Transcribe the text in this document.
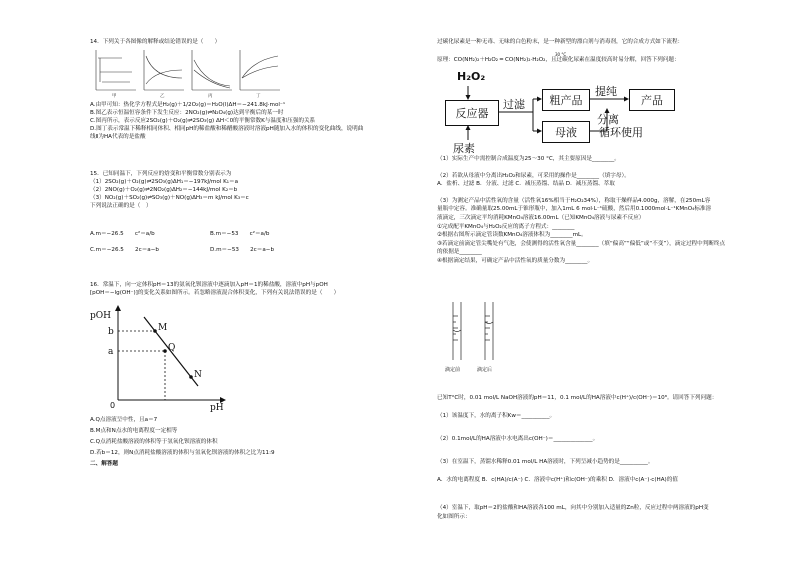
14．下列关于各图像的解释或结论错误的是（　　）
甲	乙	丙	丁
A.由甲可知：热化学方程式是H₂(g)＋1/2O₂(g)＝H₂O(l)ΔH＝−241.8kJ·mol⁻¹
B.图乙表示恒温恒容条件下发生反应：2NO₂(g)⇌N₂O₄(g)达到平衡后的某一时
C.图丙所示，表示反应2SO₂(g)＋O₂(g)⇌2SO₃(g) ΔH＜0的平衡常数K与温度和压强的关系
D.图丁表示常温下稀释相同体积、相同pH的稀盐酸和稀醋酸溶液时溶液pH随加入水的体积的变化曲线，说明曲
线Ⅱ为HA代表的是盐酸
15．已知同温下，下列反应的焓变和平衡常数分别表示为
（1）2SO₂(g)＋O₂(g)⇌2SO₃(g)ΔH₁＝−197kJ/mol K₁＝a
（2）2NO(g)＋O₂(g)⇌2NO₂(g)ΔH₂＝−144kJ/mol K₂＝b
（3）NO₂(g)＋SO₂(g)⇌SO₃(g)＋NO(g)ΔH₃＝m kJ/mol K₃＝c
下列说法正确的是（　）
A.m＝−26.5　　c²＝a/b	B.m＝−53　　c²＝a/b
C.m＝−26.5　　2c＝a−b	D.m＝−53　　2c＝a−b
16．常温下，向一定体积pH＝13的氨氧化钡溶液中逐滴加入pH＝1的稀盐酸，溶液中pH与pOH
[pOH＝−lg(OH⁻)]的变化关系如图所示。若忽略溶液混合体积变化，下列有关说法错误的是（　　）
pOH
pH
0
b
a
M
Q
N
A.Q点溶液呈中性，且a＝7
B.M点和N点水的电离程度一定相等
C.Q点消耗盐酸溶液的体积等于氢氧化钡溶液的体积
D.若b＝12，则N点消耗盐酸溶液的体积与氢氧化钡溶液的体积之比为11:9
二、解答题
过碳化尿素是一种无毒、无味的白色粉末，是一种新型的漂白剂与消毒剂，它的合成方式如下流程：
30 °C
原理：CO(NH₂)₂＋H₂O₂ ═ CO(NH₂)₂·H₂O₂，且过碳化尿素在温度较高时易分解，回答下列问题：
H₂O₂
反应器
过滤	粗产品
提纯
产品
母液
分离
循环使用
尿素
（1）实际生产中需控制合成温度为25～30 °C，其主要原因是________。
（2）若欲从母液中分离出H₂O₂和尿素，可采用的操作是________（填字母）。
A．盐析、过滤 B．分液、过滤 C．减压蒸馏、结晶 D．减压蒸馏、萃取
（3）为测定产品中活性氧的含量（活性氧16%相当于H₂O₂34%），称取干燥样品4.000g，溶解，在250mL容
量瓶中定容。准确量取25.00mL于锥形瓶中，加入1mL 6 mol·L⁻¹硫酸，然后用0.1000mol·L⁻¹KMnO₄标准溶
液滴定，三次滴定平均消耗KMnO₄溶液16.00mL（已知KMnO₄溶液与尿素不反应）
①完成配平KMnO₄与H₂O₂反应的离子方程式：________
②根据右图所示滴定管读数KMnO₄溶液体积为________mL。
③若滴定前滴定管尖嘴处有气泡，会使测得的活性氧含量________（填“偏高”“偏低”或“不变”），滴定过程中判断终点
的依据是________
④根据滴定结果，可确定产品中活性氧的质量分数为________。
滴定前	滴定后
已知T°C时，0.01 mol/L NaOH溶液的pH＝11，0.1 mol/L的HA溶液中c(H⁺)/c(OH⁻)＝10⁸。请回答下列问题：
（1）该温度下，水的离子积Kw＝__________。
（2）0.1mol/L的HA溶液中水电离出c(OH⁻)＝______________。
（3）在室温下，蒸馏水稀释0.01 mol/L HA溶液时，下列呈减小趋势的是__________。
A．水的电离程度 B．c(HA)/c(A⁻) C．溶液中c(H⁺)和c(OH⁻)的乘积 D．溶液中c(A⁻)·c(HA)的值
（4）室温下，取pH＝2的盐酸和HA溶液各100 mL，向其中分别加入适量的Zn粒，反应过程中两溶液的pH变
化如图所示：
